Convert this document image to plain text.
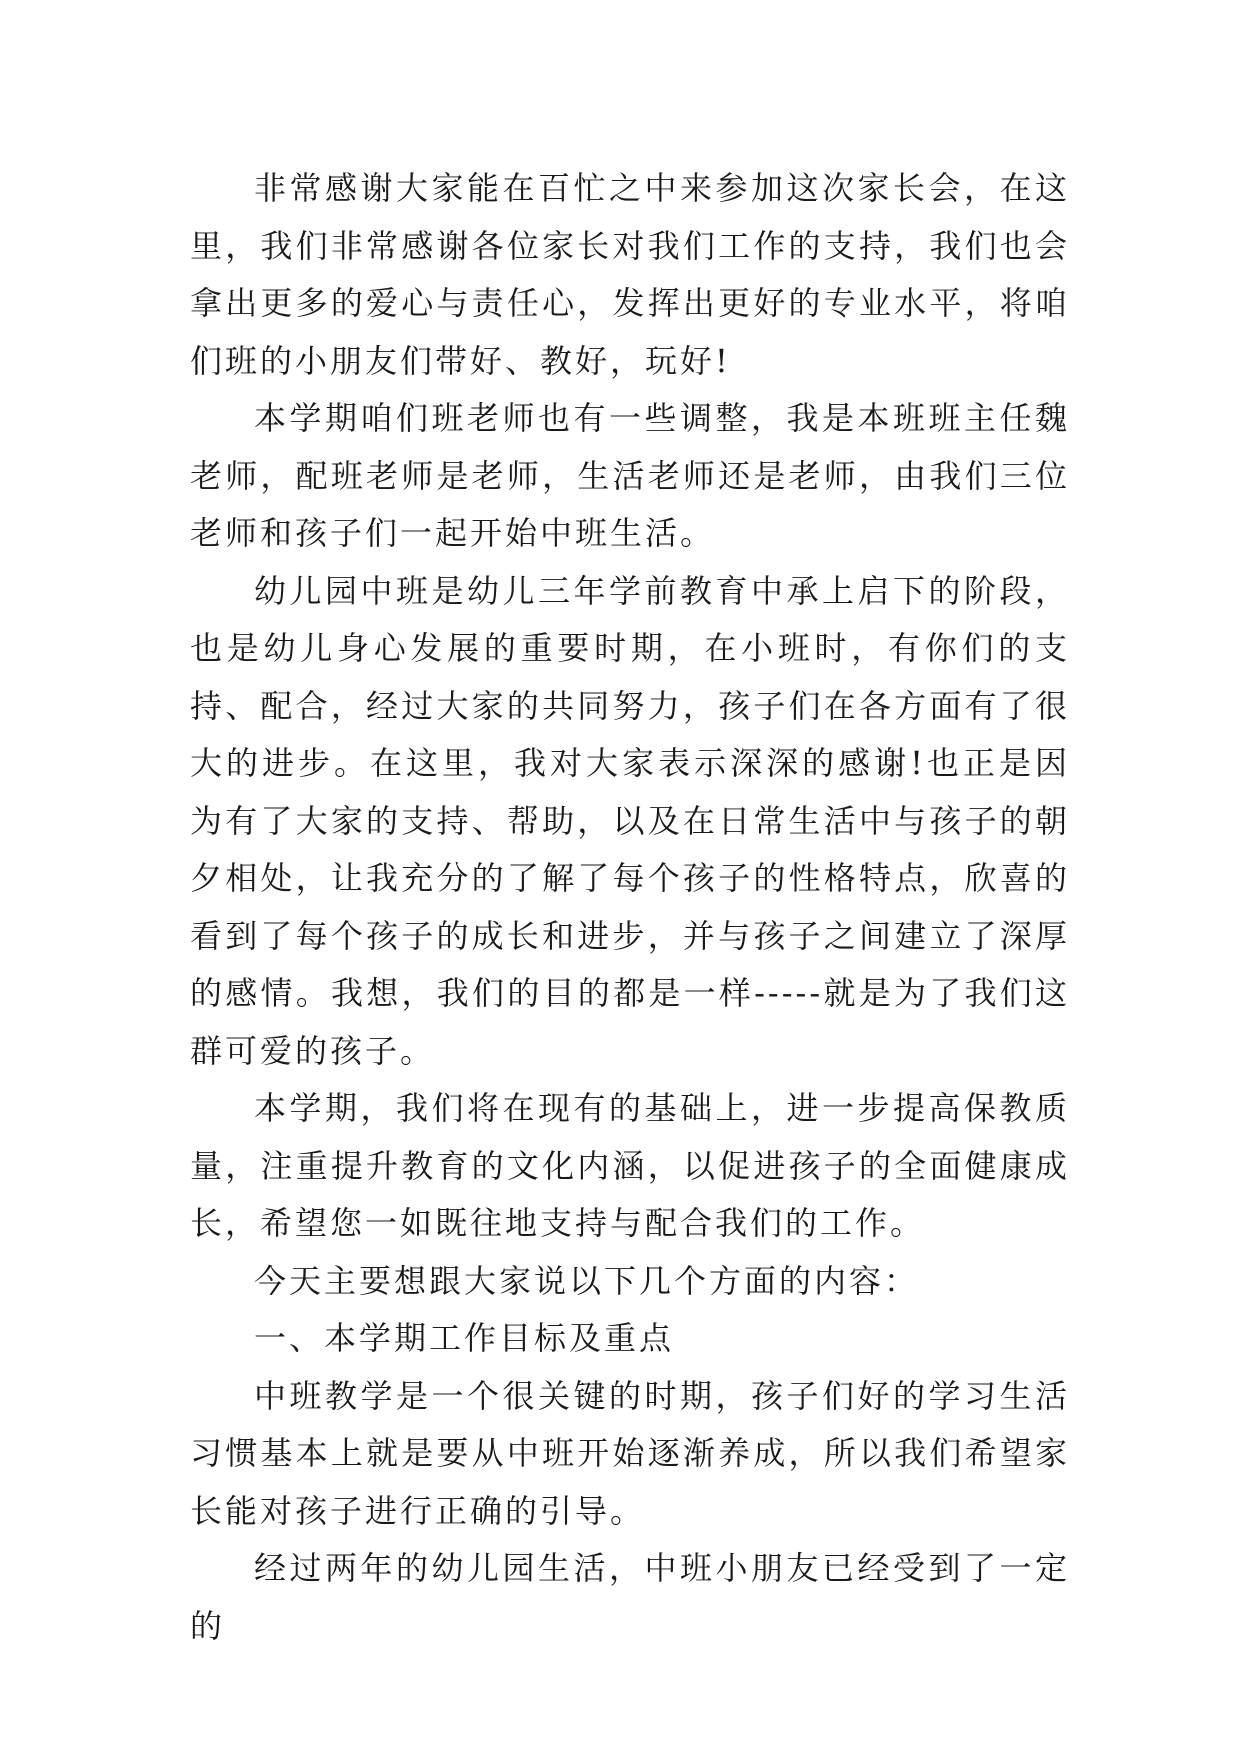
非常感谢大家能在百忙之中来参加这次家长会，在这里，我们非常感谢各位家长对我们工作的支持，我们也会拿出更多的爱心与责任心，发挥出更好的专业水平，将咱们班的小朋友们带好、教好，玩好!

本学期咱们班老师也有一些调整，我是本班班主任魏老师，配班老师是老师，生活老师还是老师，由我们三位老师和孩子们一起开始中班生活。

幼儿园中班是幼儿三年学前教育中承上启下的阶段，也是幼儿身心发展的重要时期，在小班时，有你们的支持、配合，经过大家的共同努力，孩子们在各方面有了很大的进步。在这里，我对大家表示深深的感谢!也正是因为有了大家的支持、帮助，以及在日常生活中与孩子的朝夕相处，让我充分的了解了每个孩子的性格特点，欣喜的看到了每个孩子的成长和进步，并与孩子之间建立了深厚的感情。我想，我们的目的都是一样-----就是为了我们这群可爱的孩子。

本学期，我们将在现有的基础上，进一步提高保教质量，注重提升教育的文化内涵，以促进孩子的全面健康成长，希望您一如既往地支持与配合我们的工作。

今天主要想跟大家说以下几个方面的内容：

一、本学期工作目标及重点

中班教学是一个很关键的时期，孩子们好的学习生活习惯基本上就是要从中班开始逐渐养成，所以我们希望家长能对孩子进行正确的引导。

经过两年的幼儿园生活，中班小朋友已经受到了一定的
